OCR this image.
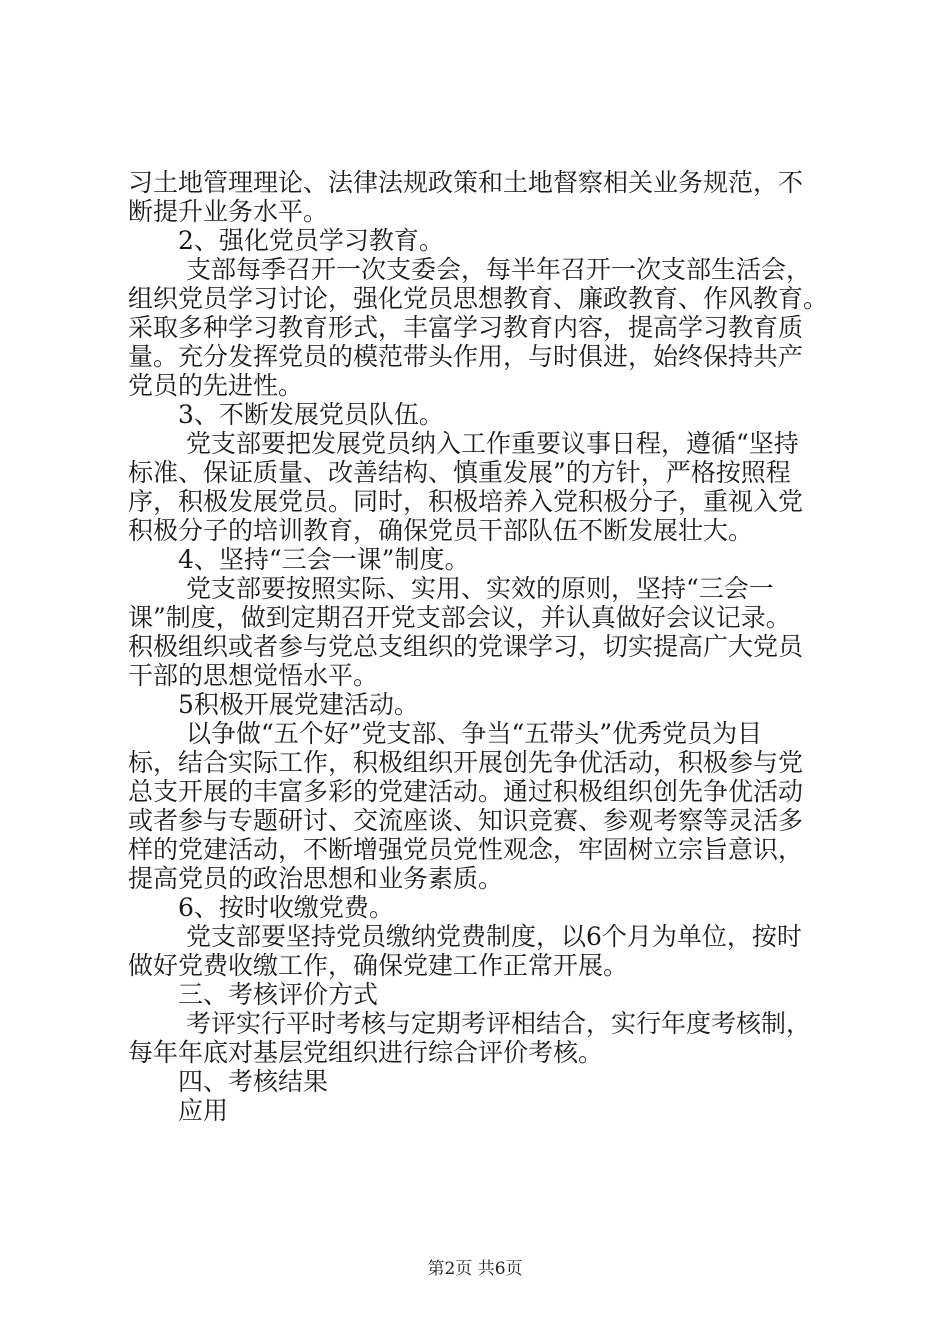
习土地管理理论、法律法规政策和土地督察相关业务规范，不
断提升业务水平。
　　2、强化党员学习教育。
　　 支部每季召开一次支委会，每半年召开一次支部生活会，
组织党员学习讨论，强化党员思想教育、廉政教育、作风教育。
采取多种学习教育形式，丰富学习教育内容，提高学习教育质
量。充分发挥党员的模范带头作用，与时俱进，始终保持共产
党员的先进性。
　　3、不断发展党员队伍。
　　 党支部要把发展党员纳入工作重要议事日程，遵循“坚持
标准、保证质量、改善结构、慎重发展”的方针，严格按照程
序，积极发展党员。同时，积极培养入党积极分子，重视入党
积极分子的培训教育，确保党员干部队伍不断发展壮大。
　　4、坚持“三会一课”制度。
　　 党支部要按照实际、实用、实效的原则，坚持“三会一
课”制度，做到定期召开党支部会议，并认真做好会议记录。
积极组织或者参与党总支组织的党课学习，切实提高广大党员
干部的思想觉悟水平。
　　5积极开展党建活动。
　　 以争做“五个好”党支部、争当“五带头”优秀党员为目
标，结合实际工作，积极组织开展创先争优活动，积极参与党
总支开展的丰富多彩的党建活动。通过积极组织创先争优活动
或者参与专题研讨、交流座谈、知识竞赛、参观考察等灵活多
样的党建活动，不断增强党员党性观念，牢固树立宗旨意识，
提高党员的政治思想和业务素质。
　　6、按时收缴党费。
　　 党支部要坚持党员缴纳党费制度，以6个月为单位，按时
做好党费收缴工作，确保党建工作正常开展。
　　三、考核评价方式
　　 考评实行平时考核与定期考评相结合，实行年度考核制，
每年年底对基层党组织进行综合评价考核。
　　四、考核结果
　　应用
第2页 共6页
